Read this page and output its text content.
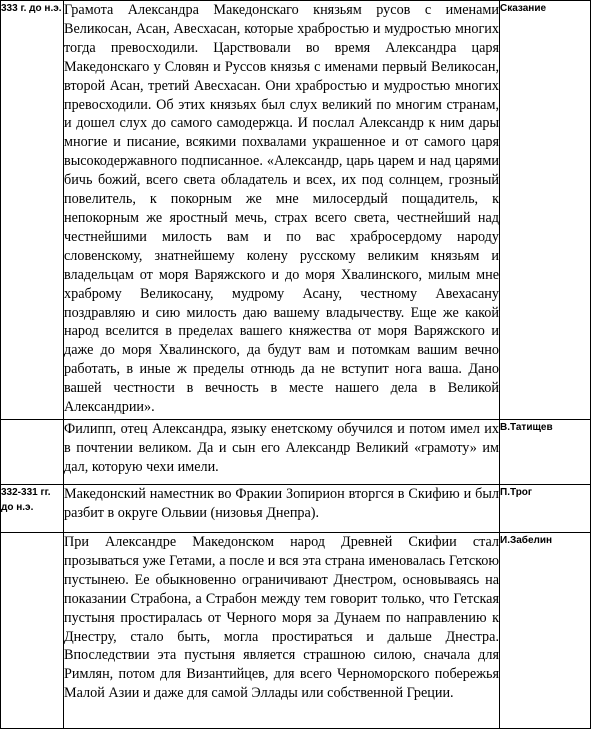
333 г. до н.э.	Грамота Александра Македонскаго князьям русов с именами Великосан, Асан, Авесхасан, которые храбростью и мудростью многих тогда превосходили. Царствовали во время Александра царя Македонскаго у Словян и Руссов князья с именами первый Великосан, второй Асан, третий Авесхасан. Они храбростью и мудростью многих превосходили. Об этих князьях был слух великий по многим странам, и дошел слух до самого самодержца. И послал Александр к ним дары многие и писание, всякими похвалами украшенное и от самого царя высокодержавного подписанное. «Александр, царь царем и над царями бичь божий, всего света обладатель и всех, их под солнцем, грозный повелитель, к покорным же мне милосердый пощадитель, к непокорным же яростный мечь, страх всего света, честнейший над честнейшими милость вам и по вас храбросердому народу словенскому, знатнейшему колену русскому великим князьям и владельцам от моря Варяжского и до моря Хвалинского, милым мне храброму Великосану, мудрому Асану, честному Авехасану поздравляю и сию милость даю вашему владычеству. Еще же какой народ вселится в пределах вашего княжества от моря Варяжского и даже до моря Хвалинского, да будут вам и потомкам вашим вечно работать, в иные ж пределы отнюдь да не вступит нога ваша. Дано вашей честности в вечность в месте нашего дела в Великой Александрии».	Сказание
	Филипп, отец Александра, языку енетскому обучился и потом имел их в почтении великом. Да и сын его Александр Великий «грамоту» им дал, которую чехи имели.	В.Татищев
332-331 гг. до н.э.	Македонский наместник во Фракии Зопирион вторгся в Скифию и был разбит в округе Ольвии (низовья Днепра).	П.Трог
	При Александре Македонском народ Древней Скифии стал прозываться уже Гетами, а после и вся эта страна именовалась Гетскою пустынею. Ее обыкновенно ограничивают Днестром, основываясь на показании Страбона, а Страбон между тем говорит только, что Гетская пустыня простиралась от Черного моря за Дунаем по направлению к Днестру, стало быть, могла простираться и дальше Днестра. Впоследствии эта пустыня является страшною силою, сначала для Римлян, потом для Византийцев, для всего Черноморского побережья Малой Азии и даже для самой Эллады или собственной Греции.	И.Забелин
